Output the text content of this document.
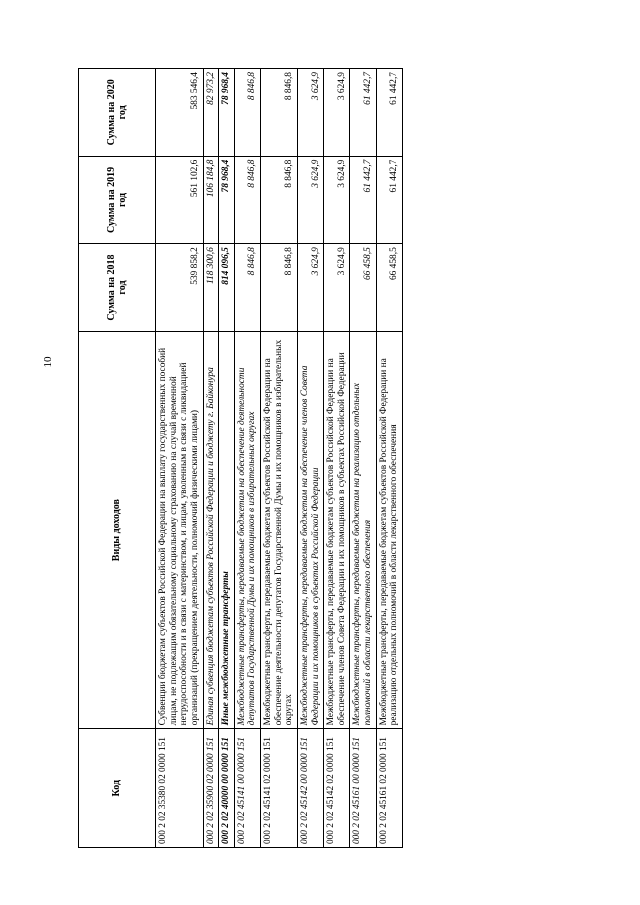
10
Код	Виды доходов	Сумма на 2018 год	Сумма на 2019 год	Сумма на 2020 год
000 2 02 35380 02 0000 151	Субвенции бюджетам субъектов Российской Федерации на выплату государственных пособий лицам, не подлежащим обязательному социальному страхованию на случай временной нетрудоспособности и в связи с материнством, и лицам, уволенным в связи с ликвидацией организаций (прекращением деятельности, полномочий физическими лицами)	539 858,2	561 102,6	583 546,4
000 2 02 35900 02 0000 151	Единая субвенция бюджетам субъектов Российской Федерации и бюджету г. Байконура	118 300,6	106 184,8	82 973,2
000 2 02 40000 00 0000 151	Иные межбюджетные трансферты	814 096,5	78 968,4	78 968,4
000 2 02 45141 00 0000 151	Межбюджетные трансферты, передаваемые бюджетам на обеспечение деятельности депутатов Государственной Думы и их помощников в избирательных округах	8 846,8	8 846,8	8 846,8
000 2 02 45141 02 0000 151	Межбюджетные трансферты, передаваемые бюджетам субъектов Российской Федерации на обеспечение деятельности депутатов Государственной Думы и их помощников в избирательных округах	8 846,8	8 846,8	8 846,8
000 2 02 45142 00 0000 151	Межбюджетные трансферты, передаваемые бюджетам на обеспечение членов Совета Федерации и их помощников в субъектах Российской Федерации	3 624,9	3 624,9	3 624,9
000 2 02 45142 02 0000 151	Межбюджетные трансферты, передаваемые бюджетам субъектов Российской Федерации на обеспечение членов Совета Федерации и их помощников в субъектах Российской Федерации	3 624,9	3 624,9	3 624,9
000 2 02 45161 00 0000 151	Межбюджетные трансферты, передаваемые бюджетам на реализацию отдельных полномочий в области лекарственного обеспечения	66 458,5	61 442,7	61 442,7
000 2 02 45161 02 0000 151	Межбюджетные трансферты, передаваемые бюджетам субъектов Российской Федерации на реализацию отдельных полномочий в области лекарственного обеспечения	66 458,5	61 442,7	61 442,7
